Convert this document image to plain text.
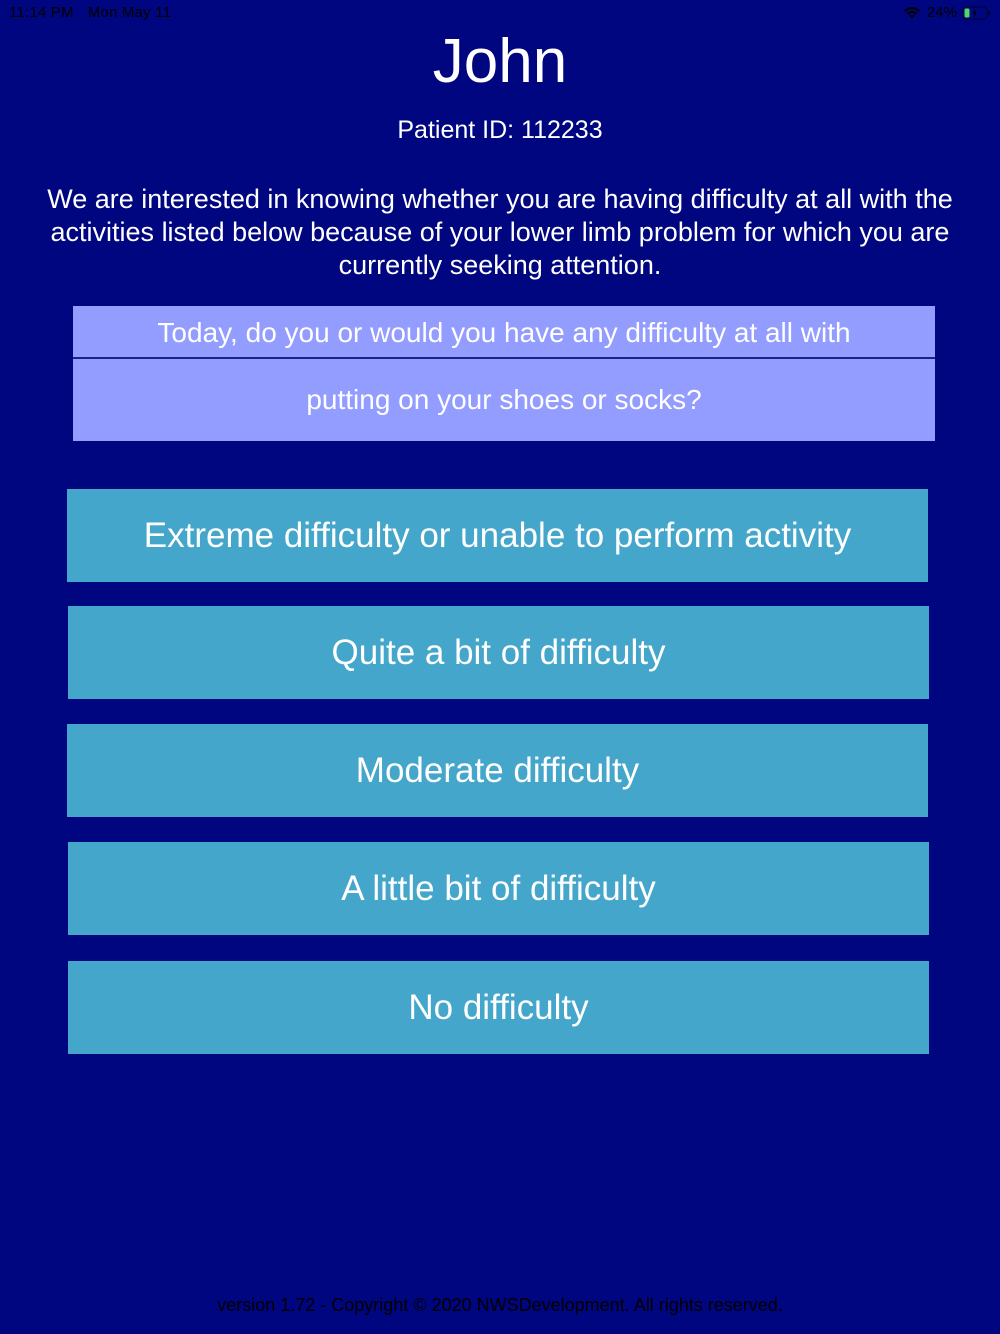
11:14 PM Mon May 11	24%
John
Patient ID: 112233
We are interested in knowing whether you are having difficulty at all with the activities listed below because of your lower limb problem for which you are currently seeking attention.
Today, do you or would you have any difficulty at all with
putting on your shoes or socks?
Extreme difficulty or unable to perform activity
Quite a bit of difficulty
Moderate difficulty
A little bit of difficulty
No difficulty
version 1.72 - Copyright © 2020 NWSDevelopment. All rights reserved.
